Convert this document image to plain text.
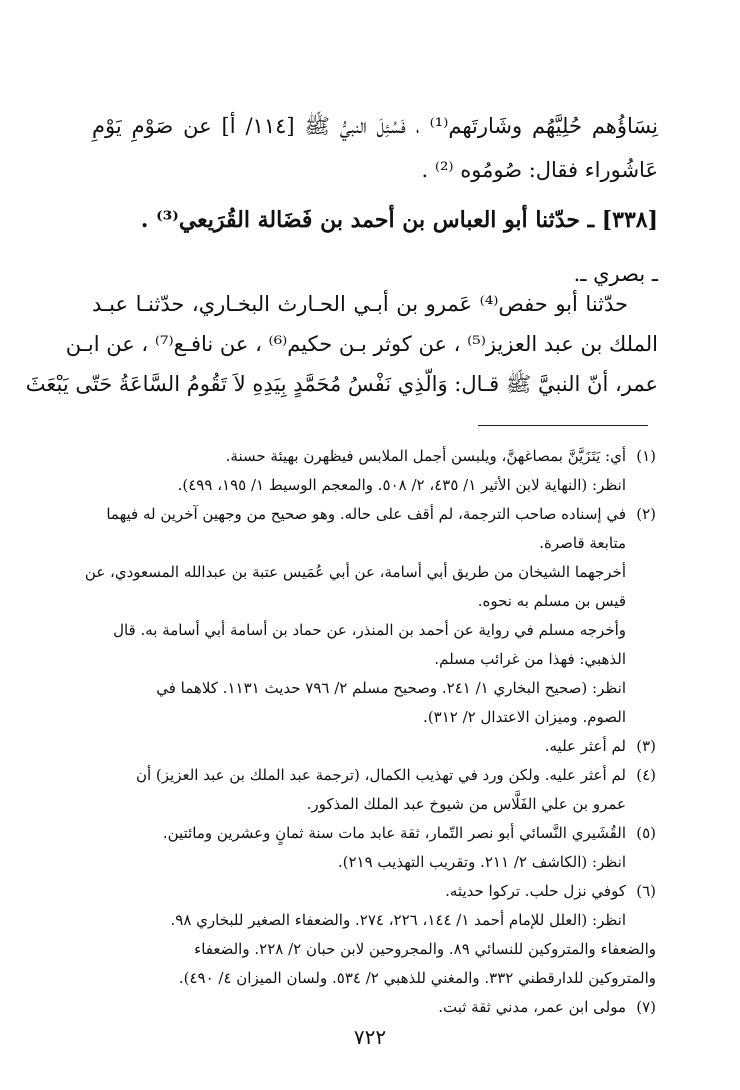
نِسَاؤُهم حُلِيَّهُم وشَارتَهم⁽¹⁾ ، فَسُئِلَ النبيُّ ﷺ [١١٤/ أ] عن صَوْمِ يَوْمِ

عَاشُوراء فقال: صُومُوه ⁽²⁾ .

[٣٣٨] ـ حدّثنا أبو العباس بن أحمد بن فَضَالة القُرَيعي⁽³⁾ .

ـ بصري ـ.

حدّثنا أبو حفص⁽⁴⁾ عَمرو بن أبـي الحـارث البخـاري، حدّثنـا عبـد

الملك بن عبد العزيز⁽⁵⁾ ، عن كوثر بـن حكيم⁽⁶⁾ ، عن نافـع⁽⁷⁾ ، عن ابـن

عمر، أنّ النبيَّ ﷺ قـال: وَالّذِي نَفْسُ مُحَمَّدٍ بِيَدِهِ لاَ تَقُومُ السَّاعَةُ حَتّى يَبْعَثَ

(١)أي: يَتَزَيَّنَّ بمصاغهنَّ، ويلبسن أجمل الملابس فيظهرن بهيئة حسنة.

انظر: (النهاية لابن الأثير ١/ ٤٣٥، ٢/ ٥٠٨. والمعجم الوسيط ١/ ١٩٥، ٤٩٩).

(٢)في إسناده صاحب الترجمة، لم أقف على حاله. وهو صحيح من وجهين آخرين له فيهما

متابعة قاصرة.

أخرجهما الشيخان من طريق أبي أسامة، عن أبي عُمَيس عتبة بن عبدالله المسعودي، عن

قيس بن مسلم به نحوه.

وأخرجه مسلم في رواية عن أحمد بن المنذر، عن حماد بن أسامة أبي أسامة به. قال

الذهبي: فهذا من غرائب مسلم.

انظر: (صحيح البخاري ١/ ٢٤١. وصحيح مسلم ٢/ ٧٩٦ حديث ١١٣١. كلاهما في

الصوم. وميزان الاعتدال ٢/ ٣١٢).

(٣)لم أعثر عليه.

(٤)لم أعثر عليه. ولكن ورد في تهذيب الكمال، (ترجمة عبد الملك بن عبد العزيز) أن

عمرو بن علي الفَلَّاس من شيوخ عبد الملك المذكور.

(٥)القُشَيري النَّسائي أبو نصر التّمار، ثقة عابد مات سنة ثمانٍ وعشرين ومائتين.

انظر: (الكاشف ٢/ ٢١١. وتقريب التهذيب ٢١٩).

(٦)كوفي نزل حلب. تركوا حديثه.

انظر: (العلل للإمام أحمد ١/ ١٤٤، ٢٢٦، ٢٧٤. والضعفاء الصغير للبخاري ٩٨.

والضعفاء والمتروكين للنسائي ٨٩. والمجروحين لابن حبان ٢/ ٢٢٨. والضعفاء

والمتروكين للدارقطني ٣٣٢. والمغني للذهبي ٢/ ٥٣٤. ولسان الميزان ٤/ ٤٩٠).

(٧)مولى ابن عمر، مدني ثقة ثبت.

٧٢٢
